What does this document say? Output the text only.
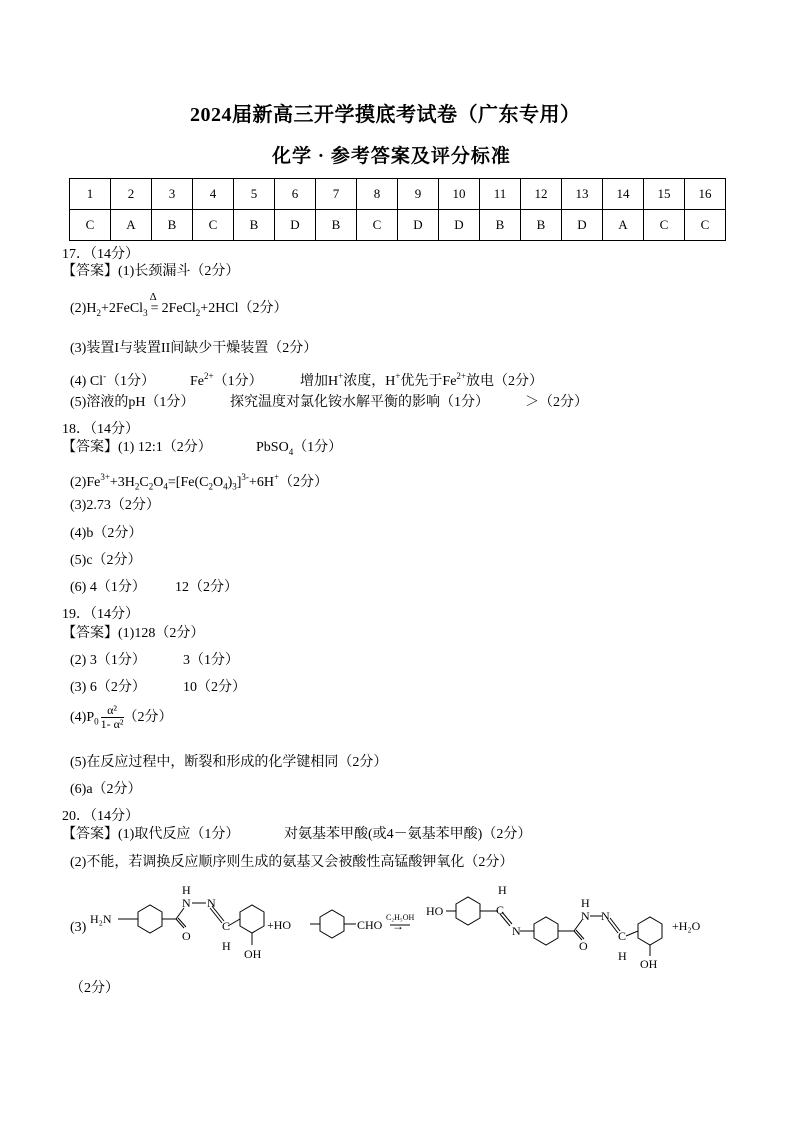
2024届新高三开学摸底考试卷（广东专用）
化学 · 参考答案及评分标准
1	2	3	4	5	6	7	8	9	10	11	12	13	14	15	16
C	A	B	C	B	D	B	C	D	D	B	B	D	A	C	C
17．（14分）
【答案】(1)长颈漏斗（2分）
$(2)H_2+2FeCl_3$
Δ
= 2FeCl$_2$+2HCl（2分）
(3)装置I与装置II间缺少干燥装置（2分）
(4) Cl-（1分） $Fe^{2+}(1$分）	增加H+浓度，H+优先于$Fe^{2+}$放电（2分）
(5)溶液的pH（1分）	探究温度对氯化铵水解平衡的影响（1分）	＞（2分）
18．（14分）
【答案】(1) 12:1（2分）	PbSO$_4$（1分）
$(2)Fe^{3+}+3H_2C_2O_4=[Fe(C_2O_4)_3]^{3-}+6H^+(2$分）
(3)2.73（2分）
(4)b（2分）
(5)c（2分）
(6) 4（1分） 12（2分）
19．（14分）
【答案】(1)128（2分）
(2) 3（1分）	3（1分）
(3) 6（2分）	10（2分）
$(4)P_0 \frac{\text{α²}}{\text{1- α²}} (2$分）
(5)在反应过程中，断裂和形成的化学键相同（2分）
(6)a（2分）
20．（14分）
【答案】(1)取代反应（1分）	对氨基苯甲酸(或4－氨基苯甲酸)（2分）
(2)不能，若调换反应顺序则生成的氨基又会被酸性高锰酸钾氧化（2分）
(3)
H₂N
O
N N
H
C
H
OH
+HO	CHO
C₂H₅OH
→
HO
H
C
N
O
N N
H
C
H
OH
+H₂O
（2分）
